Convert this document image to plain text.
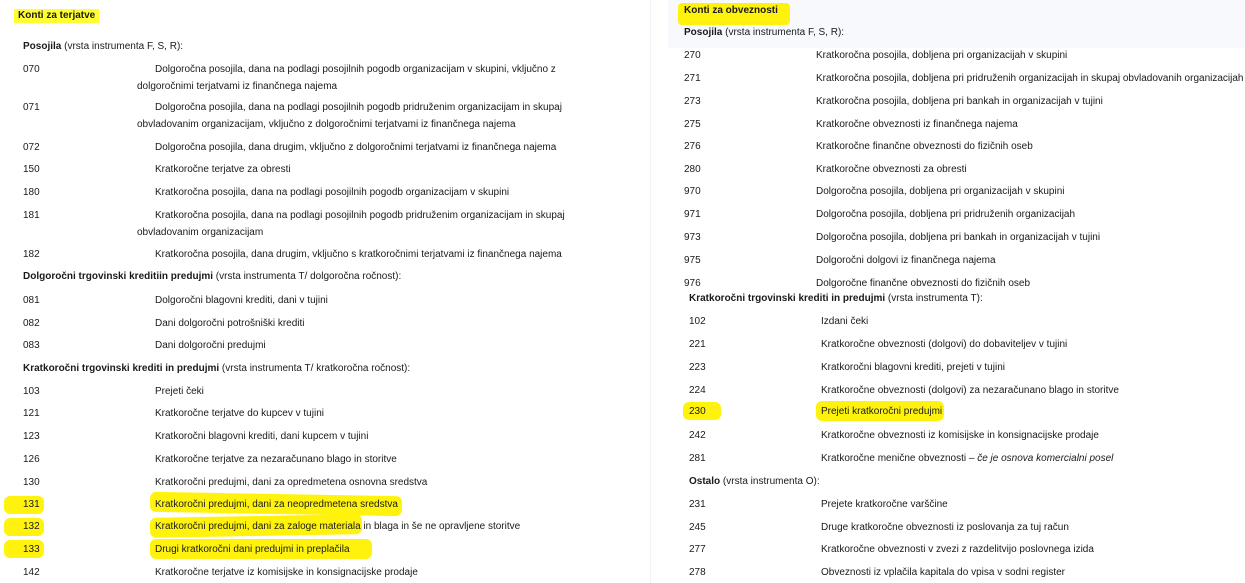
Konti za terjatve
Posojila (vrsta instrumenta F, S, R):
070	Dolgoročna posojila, dana na podlagi posojilnih pogodb organizacijam v skupini, vključno z
dolgoročnimi terjatvami iz finančnega najema
071	Dolgoročna posojila, dana na podlagi posojilnih pogodb pridruženim organizacijam in skupaj
obvladovanim organizacijam, vključno z dolgoročnimi terjatvami iz finančnega najema
072	Dolgoročna posojila, dana drugim, vključno z dolgoročnimi terjatvami iz finančnega najema
150	Kratkoročne terjatve za obresti
180	Kratkoročna posojila, dana na podlagi posojilnih pogodb organizacijam v skupini
181	Kratkoročna posojila, dana na podlagi posojilnih pogodb pridruženim organizacijam in skupaj
obvladovanim organizacijam
182	Kratkoročna posojila, dana drugim, vključno s kratkoročnimi terjatvami iz finančnega najema
Dolgoročni trgovinski kreditiin predujmi (vrsta instrumenta T/ dolgoročna ročnost):
081	Dolgoročni blagovni krediti, dani v tujini
082	Dani dolgoročni potrošniški krediti
083	Dani dolgoročni predujmi
Kratkoročni trgovinski krediti in predujmi (vrsta instrumenta T/ kratkoročna ročnost):
103	Prejeti čeki
121	Kratkoročne terjatve do kupcev v tujini
123	Kratkoročni blagovni krediti, dani kupcem v tujini
126	Kratkoročne terjatve za nezaračunano blago in storitve
130	Kratkoročni predujmi, dani za opredmetena osnovna sredstva
131	Kratkoročni predujmi, dani za neopredmetena sredstva
132	Kratkoročni predujmi, dani za zaloge materiala in blaga in še ne opravljene storitve
133	Drugi kratkoročni dani predujmi in preplačila
142	Kratkoročne terjatve iz komisijske in konsignacijske prodaje
Konti za obveznosti
Posojila (vrsta instrumenta F, S, R):
270	Kratkoročna posojila, dobljena pri organizacijah v skupini
271	Kratkoročna posojila, dobljena pri pridruženih organizacijah in skupaj obvladovanih organizacijah
273	Kratkoročna posojila, dobljena pri bankah in organizacijah v tujini
275	Kratkoročne obveznosti iz finančnega najema
276	Kratkoročne finančne obveznosti do fizičnih oseb
280	Kratkoročne obveznosti za obresti
970	Dolgoročna posojila, dobljena pri organizacijah v skupini
971	Dolgoročna posojila, dobljena pri pridruženih organizacijah
973	Dolgoročna posojila, dobljena pri bankah in organizacijah v tujini
975	Dolgoročni dolgovi iz finančnega najema
976	Dolgoročne finančne obveznosti do fizičnih oseb
Kratkoročni trgovinski krediti in predujmi (vrsta instrumenta T):
102	Izdani čeki
221	Kratkoročne obveznosti (dolgovi) do dobaviteljev v tujini
223	Kratkoročni blagovni krediti, prejeti v tujini
224	Kratkoročne obveznosti (dolgovi) za nezaračunano blago in storitve
230	Prejeti kratkoročni predujmi
242	Kratkoročne obveznosti iz komisijske in konsignacijske prodaje
281	Kratkoročne menične obveznosti – če je osnova komercialni posel
Ostalo (vrsta instrumenta O):
231	Prejete kratkoročne varščine
245	Druge kratkoročne obveznosti iz poslovanja za tuj račun
277	Kratkoročne obveznosti v zvezi z razdelitvijo poslovnega izida
278	Obveznosti iz vplačila kapitala do vpisa v sodni register
